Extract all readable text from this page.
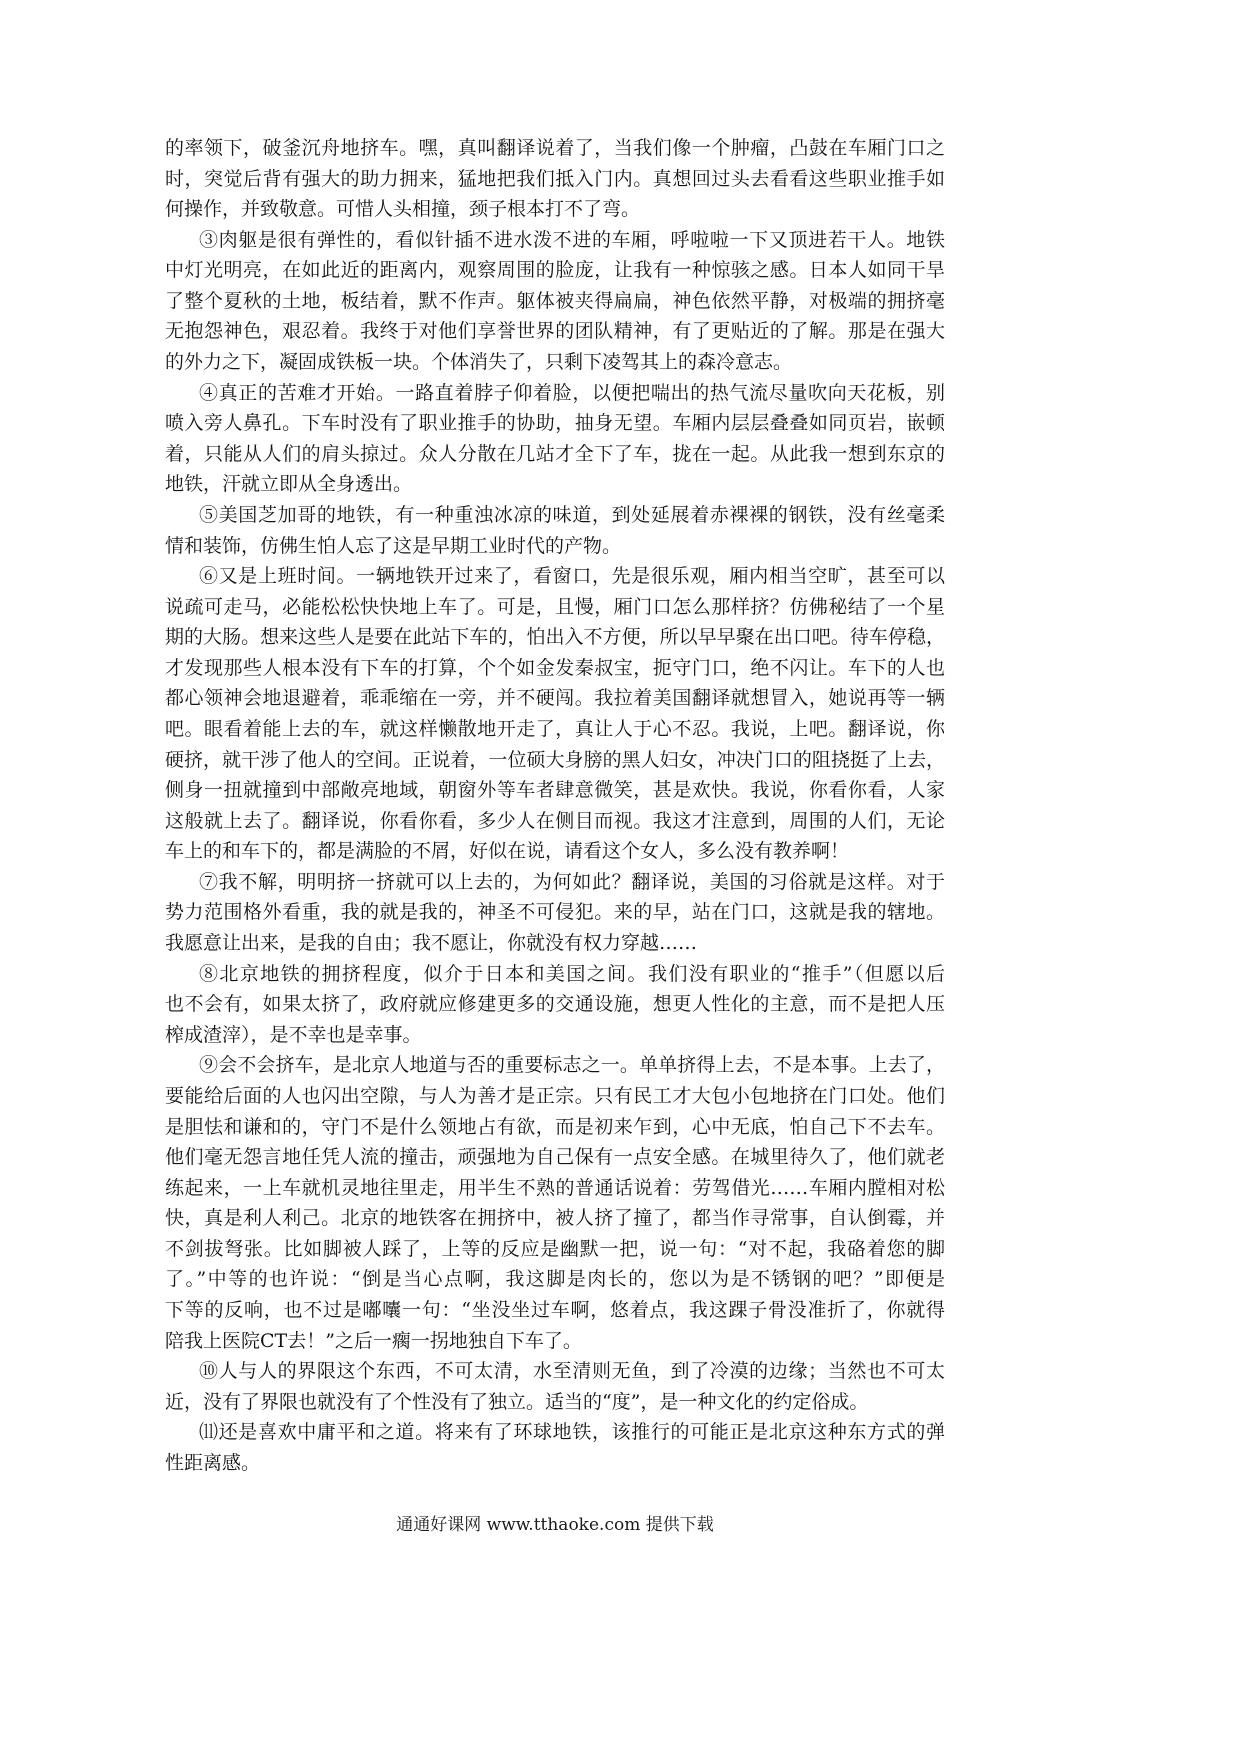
的率领下，破釜沉舟地挤车。嘿，真叫翻译说着了，当我们像一个肿瘤，凸鼓在车厢门口之
时，突觉后背有强大的助力拥来，猛地把我们抵入门内。真想回过头去看看这些职业推手如
何操作，并致敬意。可惜人头相撞，颈子根本打不了弯。
③肉躯是很有弹性的，看似针插不进水泼不进的车厢，呼啦啦一下又顶进若干人。地铁
中灯光明亮，在如此近的距离内，观察周围的脸庞，让我有一种惊骇之感。日本人如同干旱
了整个夏秋的土地，板结着，默不作声。躯体被夹得扁扁，神色依然平静，对极端的拥挤毫
无抱怨神色，艰忍着。我终于对他们享誉世界的团队精神，有了更贴近的了解。那是在强大
的外力之下，凝固成铁板一块。个体消失了，只剩下凌驾其上的森冷意志。
④真正的苦难才开始。一路直着脖子仰着脸，以便把喘出的热气流尽量吹向天花板，别
喷入旁人鼻孔。下车时没有了职业推手的协助，抽身无望。车厢内层层叠叠如同页岩，嵌顿
着，只能从人们的肩头掠过。众人分散在几站才全下了车，拢在一起。从此我一想到东京的
地铁，汗就立即从全身透出。
⑤美国芝加哥的地铁，有一种重浊冰凉的味道，到处延展着赤裸裸的钢铁，没有丝毫柔
情和装饰，仿佛生怕人忘了这是早期工业时代的产物。
⑥又是上班时间。一辆地铁开过来了，看窗口，先是很乐观，厢内相当空旷，甚至可以
说疏可走马，必能松松快快地上车了。可是，且慢，厢门口怎么那样挤？仿佛秘结了一个星
期的大肠。想来这些人是要在此站下车的，怕出入不方便，所以早早聚在出口吧。待车停稳，
才发现那些人根本没有下车的打算，个个如金发秦叔宝，扼守门口，绝不闪让。车下的人也
都心领神会地退避着，乖乖缩在一旁，并不硬闯。我拉着美国翻译就想冒入，她说再等一辆
吧。眼看着能上去的车，就这样懒散地开走了，真让人于心不忍。我说，上吧。翻译说，你
硬挤，就干涉了他人的空间。正说着，一位硕大身膀的黑人妇女，冲决门口的阻挠挺了上去，
侧身一扭就撞到中部敞亮地域，朝窗外等车者肆意微笑，甚是欢快。我说，你看你看，人家
这般就上去了。翻译说，你看你看，多少人在侧目而视。我这才注意到，周围的人们，无论
车上的和车下的，都是满脸的不屑，好似在说，请看这个女人，多么没有教养啊！
⑦我不解，明明挤一挤就可以上去的，为何如此？翻译说，美国的习俗就是这样。对于
势力范围格外看重，我的就是我的，神圣不可侵犯。来的早，站在门口，这就是我的辖地。
我愿意让出来，是我的自由；我不愿让，你就没有权力穿越……
⑧北京地铁的拥挤程度，似介于日本和美国之间。我们没有职业的“推手”（但愿以后
也不会有，如果太挤了，政府就应修建更多的交通设施，想更人性化的主意，而不是把人压
榨成渣滓），是不幸也是幸事。
⑨会不会挤车，是北京人地道与否的重要标志之一。单单挤得上去，不是本事。上去了，
要能给后面的人也闪出空隙，与人为善才是正宗。只有民工才大包小包地挤在门口处。他们
是胆怯和谦和的，守门不是什么领地占有欲，而是初来乍到，心中无底，怕自己下不去车。
他们毫无怨言地任凭人流的撞击，顽强地为自己保有一点安全感。在城里待久了，他们就老
练起来，一上车就机灵地往里走，用半生不熟的普通话说着：劳驾借光……车厢内膛相对松
快，真是利人利己。北京的地铁客在拥挤中，被人挤了撞了，都当作寻常事，自认倒霉，并
不剑拔弩张。比如脚被人踩了，上等的反应是幽默一把，说一句：“对不起，我硌着您的脚
了。”中等的也许说：“倒是当心点啊，我这脚是肉长的，您以为是不锈钢的吧？”即便是
下等的反响，也不过是嘟囔一句：“坐没坐过车啊，悠着点，我这踝子骨没准折了，你就得
陪我上医院CT去！”之后一瘸一拐地独自下车了。
⑩人与人的界限这个东西，不可太清，水至清则无鱼，到了冷漠的边缘；当然也不可太
近，没有了界限也就没有了个性没有了独立。适当的“度”，是一种文化的约定俗成。
⑾还是喜欢中庸平和之道。将来有了环球地铁，该推行的可能正是北京这种东方式的弹
性距离感。
通通好课网 www.tthaoke.com 提供下载
